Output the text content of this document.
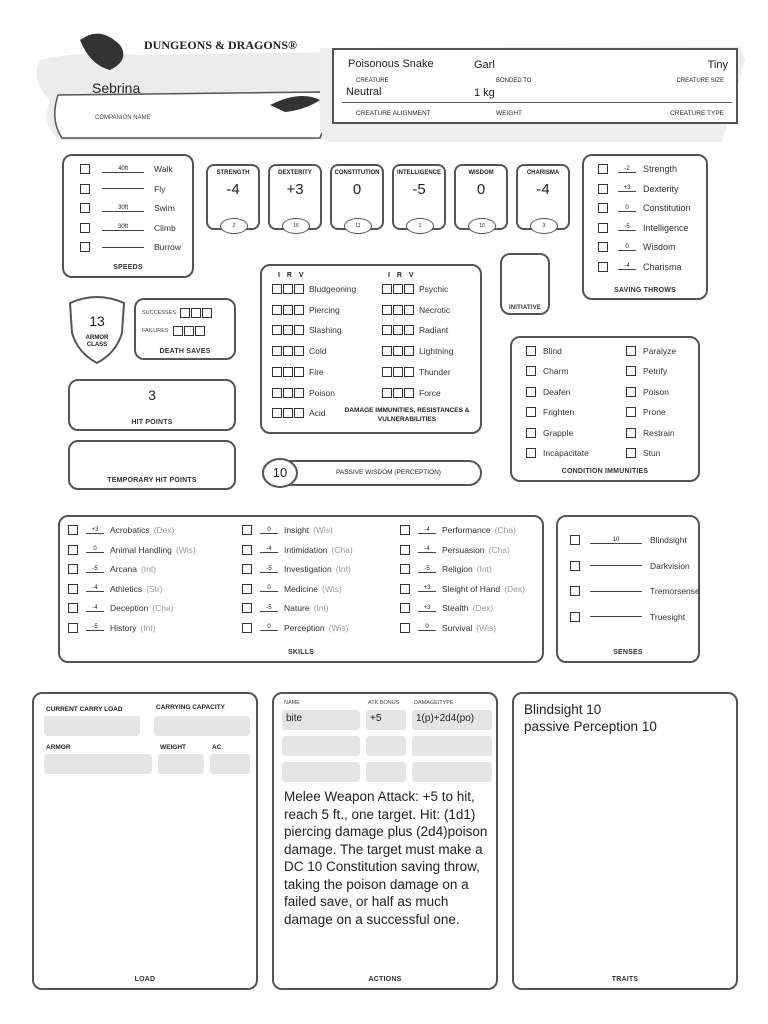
DUNGEONS & DRAGONS®
Sebrina
COMPANION NAME
Poisonous Snake	Garl	Tiny
CREATURE	BONDED TO	CREATURE SIZE
Neutral	1 kg
CREATURE ALIGNMENT	WEIGHT	CREATURE TYPE
40ft	Walk
Fly
30ft	Swim
30ft	Climb
Burrow
SPEEDS
STRENGTH
-4
2
DEXTERITY
+3
16
CONSTITUTION
0
11
INTELLIGENCE
-5
1
WISDOM
0
10
CHARISMA
-4
3
-2	Strength
+3	Dexterity
0	Constitution
-5	Intelligence
0	Wisdom
-4	Charisma
SAVING THROWS
13
ARMOR CLASS
SUCCESSES
FAILURES
DEATH SAVES
INITIATIVE
I R V	I R V
Bludgeoning
Piercing
Slashing
Cold
Fire
Poison
Acid
Psychic
Necrotic
Radiant
Lightning
Thunder
Force
DAMAGE IMMUNITIES, RESISTANCES & VULNERABILITIES
Blind
Charm
Deafen
Frighten
Grapple
Incapacitate
Paralyze
Petrify
Poison
Prone
Restrain
Stun
CONDITION IMMUNITIES
3
HIT POINTS
TEMPORARY HIT POINTS
10	PASSIVE WISDOM (PERCEPTION)
+3	Acrobatics (Dex)
0	Animal Handling (Wis)
-5	Arcana (Int)
-4	Athletics (Str)
-4	Deception (Cha)
-5	History (Int)
0	Insight (Wis)
-4	Intimidation (Cha)
-5	Investigation (Int)
0	Medicine (Wis)
-5	Nature (Int)
0	Perception (Wis)
-4	Performance (Cha)
-4	Persuasion (Cha)
-5	Religion (Int)
+3	Sleight of Hand (Dex)
+3	Stealth (Dex)
0	Survival (Wis)
SKILLS
10	Blindsight
Darkvision
Tremorsense
Truesight
SENSES
CURRENT CARRY LOAD	CARRYING CAPACITY
ARMOR	WEIGHT	AC
LOAD
NAME	ATK BONUS	DAMAGE/TYPE
bite	+5	1(p)+2d4(po)
Melee Weapon Attack: +5 to hit, reach 5 ft., one target. Hit: (1d1) piercing damage plus (2d4)poison damage. The target must make a DC 10 Constitution saving throw, taking the poison damage on a failed save, or half as much damage on a successful one.
ACTIONS
Blindsight 10
passive Perception 10
TRAITS
